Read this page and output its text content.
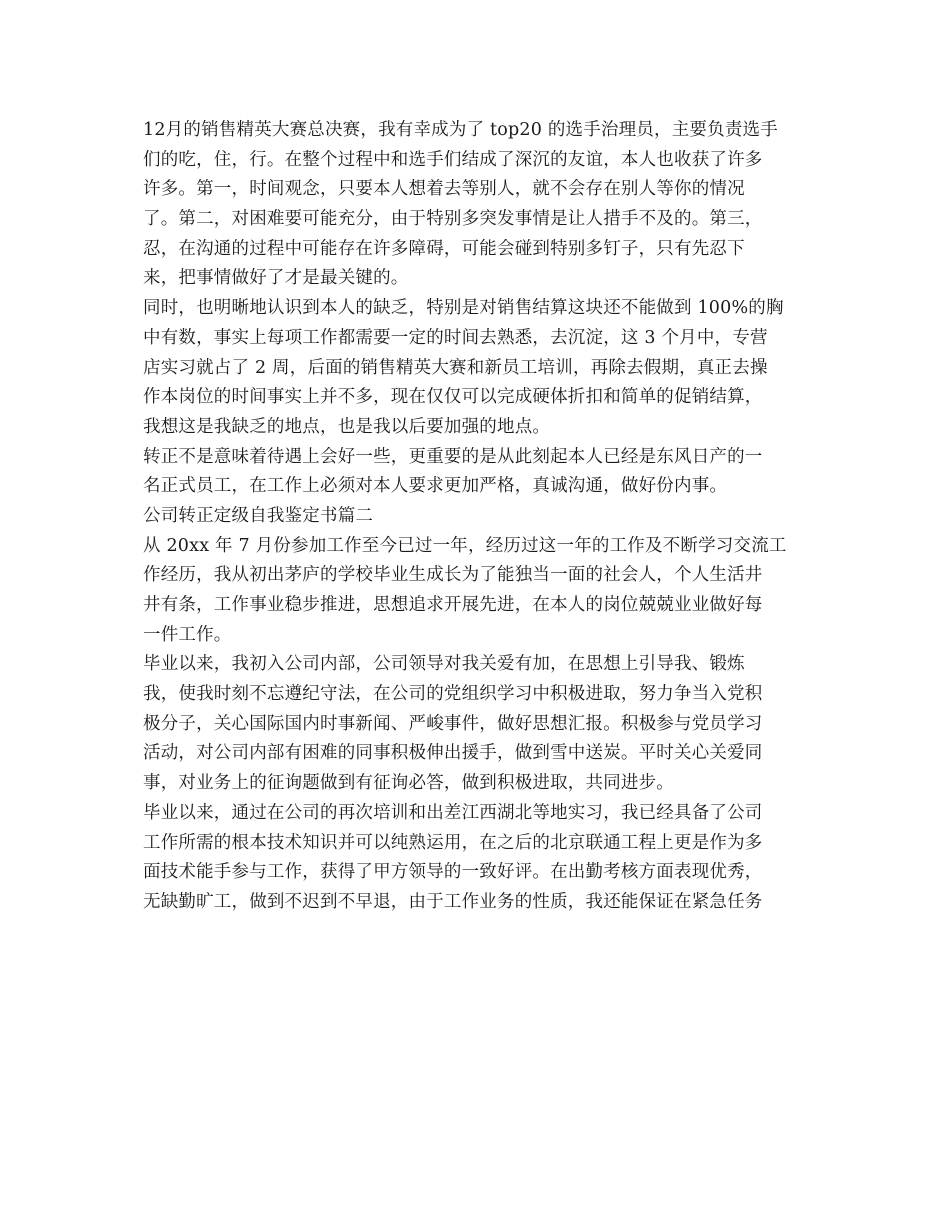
12月的销售精英大赛总决赛，我有幸成为了 top20 的选手治理员，主要负责选手
们的吃，住，行。在整个过程中和选手们结成了深沉的友谊，本人也收获了许多
许多。第一，时间观念，只要本人想着去等别人，就不会存在别人等你的情况
了。第二，对困难要可能充分，由于特别多突发事情是让人措手不及的。第三，
忍，在沟通的过程中可能存在许多障碍，可能会碰到特别多钉子，只有先忍下
来，把事情做好了才是最关键的。
同时，也明晰地认识到本人的缺乏，特别是对销售结算这块还不能做到 100%的胸
中有数，事实上每项工作都需要一定的时间去熟悉，去沉淀，这 3 个月中，专营
店实习就占了 2 周，后面的销售精英大赛和新员工培训，再除去假期，真正去操
作本岗位的时间事实上并不多，现在仅仅可以完成硬体折扣和简单的促销结算，
我想这是我缺乏的地点，也是我以后要加强的地点。
转正不是意味着待遇上会好一些，更重要的是从此刻起本人已经是东风日产的一
名正式员工，在工作上必须对本人要求更加严格，真诚沟通，做好份内事。
公司转正定级自我鉴定书篇二
从 20xx 年 7 月份参加工作至今已过一年，经历过这一年的工作及不断学习交流工
作经历，我从初出茅庐的学校毕业生成长为了能独当一面的社会人，个人生活井
井有条，工作事业稳步推进，思想追求开展先进，在本人的岗位兢兢业业做好每
一件工作。
毕业以来，我初入公司内部，公司领导对我关爱有加，在思想上引导我、锻炼
我，使我时刻不忘遵纪守法，在公司的党组织学习中积极进取，努力争当入党积
极分子，关心国际国内时事新闻、严峻事件，做好思想汇报。积极参与党员学习
活动，对公司内部有困难的同事积极伸出援手，做到雪中送炭。平时关心关爱同
事，对业务上的征询题做到有征询必答，做到积极进取，共同进步。
毕业以来，通过在公司的再次培训和出差江西湖北等地实习，我已经具备了公司
工作所需的根本技术知识并可以纯熟运用，在之后的北京联通工程上更是作为多
面技术能手参与工作，获得了甲方领导的一致好评。在出勤考核方面表现优秀，
无缺勤旷工，做到不迟到不早退，由于工作业务的性质，我还能保证在紧急任务
